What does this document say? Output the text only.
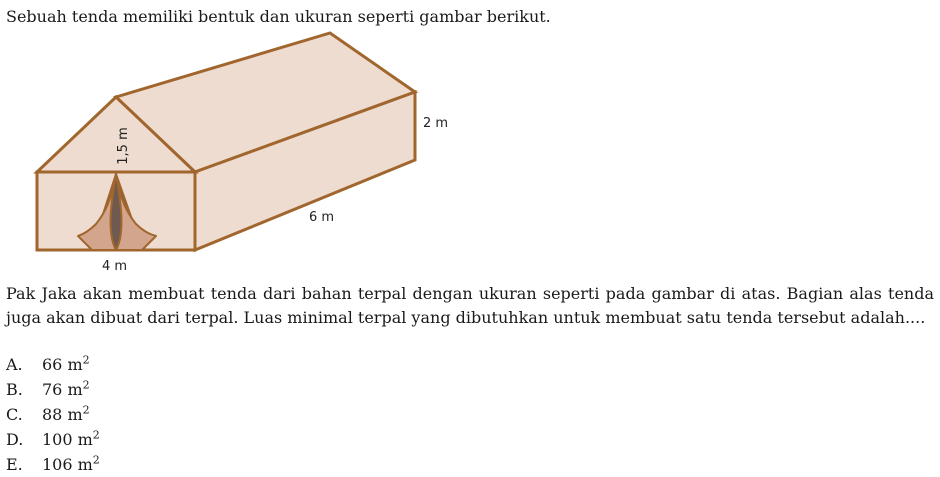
Sebuah tenda memiliki bentuk dan ukuran seperti gambar berikut.
1,5 m
2 m
6 m
4 m
Pak Jaka akan membuat tenda dari bahan terpal dengan ukuran seperti pada gambar di atas. Bagian alas tenda juga akan dibuat dari terpal. Luas minimal terpal yang dibutuhkan untuk membuat satu tenda tersebut adalah....
A.	66 $m^2$
B.	76 $m^2$
C.	88 $m^2$
D.	100 $m^2$
E.	106 $m^2$
